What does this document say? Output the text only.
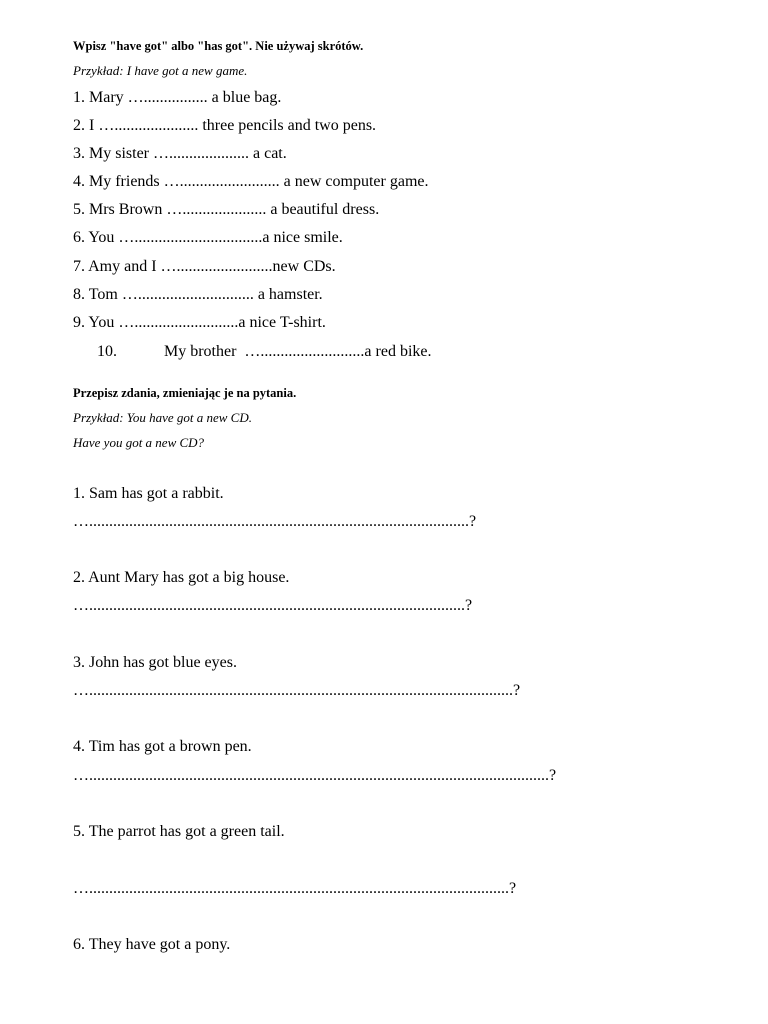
Wpisz "have got" albo "has got". Nie używaj skrótów.
Przykład: I have got a new game.
1. Mary …................ a blue bag.
2. I …..................... three pencils and two pens.
3. My sister ….................... a cat.
4. My friends …......................... a new computer game.
5. Mrs Brown …..................... a beautiful dress.
6. You …................................a nice smile.
7. Amy and I …........................new CDs.
8. Tom …............................. a hamster.
9. You …..........................a nice T-shirt.
10.	My brother  …..........................a red bike.
Przepisz zdania, zmieniając je na pytania.
Przykład: You have got a new CD.
Have you got a new CD?
1. Sam has got a rabbit.
…...............................................................................................?
2. Aunt Mary has got a big house.
…..............................................................................................?
3. John has got blue eyes.
…..........................................................................................................?
4. Tim has got a brown pen.
…...................................................................................................................?
5. The parrot has got a green tail.
….........................................................................................................?
6. They have got a pony.
